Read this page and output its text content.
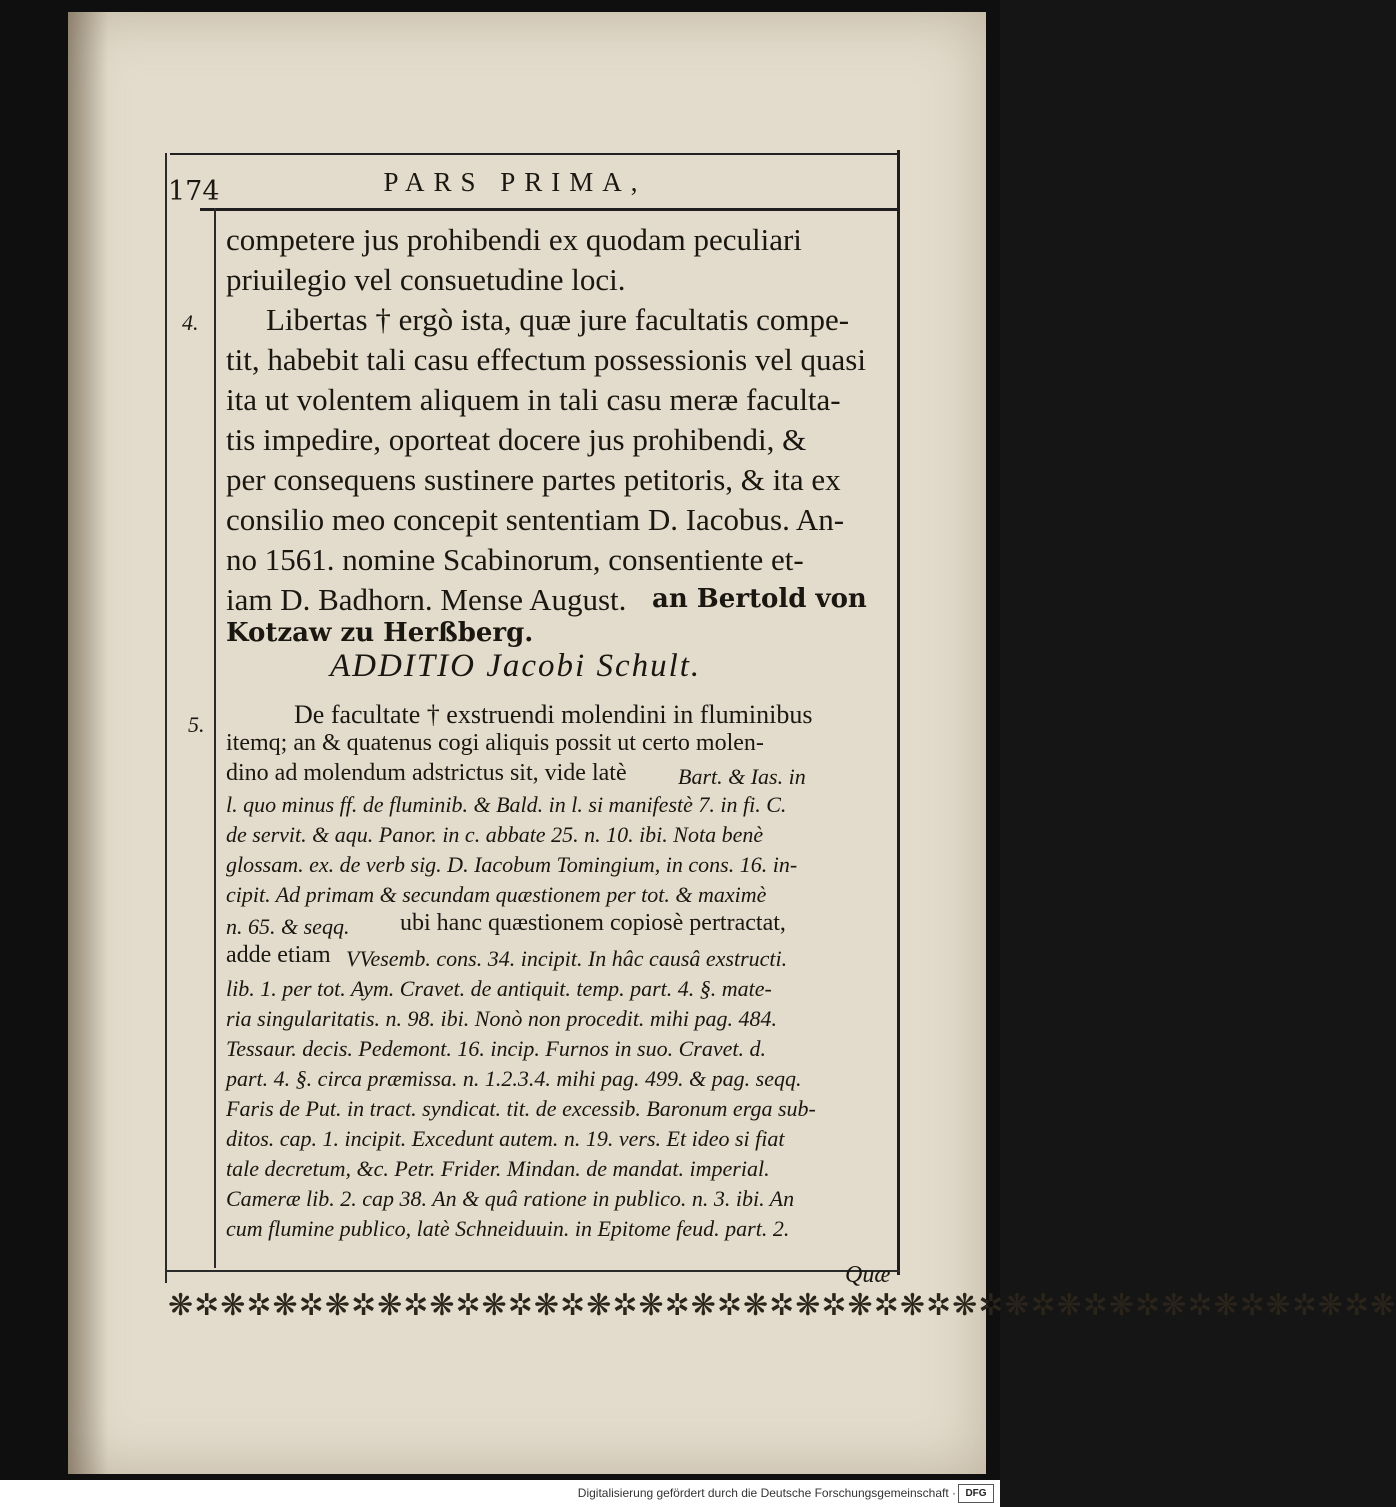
174	PARS PRIMA,
competere jus prohibendi ex quodam peculiari
priuilegio vel consuetudine loci.
Libertas † ergò ista, quæ jure facultatis compe-
tit, habebit tali casu effectum possessionis vel quasi
ita ut volentem aliquem in tali casu meræ faculta-
tis impedire, oporteat docere jus prohibendi, &
per consequens sustinere partes petitoris, & ita ex
consilio meo concepit sententiam D. Iacobus. An-
no 1561. nomine Scabinorum, consentiente et-
iam D. Badhorn. Mense August. an Bertold von
Kotzaw zu Herßberg.
4.
5.
ADDITIO Jacobi Schult.
De facultate † exstruendi molendini in fluminibus
itemq; an & quatenus cogi aliquis possit ut certo molen-
dino ad molendum adstrictus sit, vide latè Bart. & Ias. in
l. quo minus ff. de fluminib. & Bald. in l. si manifestè 7. in fi. C.
de servit. & aqu. Panor. in c. abbate 25. n. 10. ibi. Nota benè
glossam. ex. de verb sig. D. Iacobum Tomingium, in cons. 16. in-
cipit. Ad primam & secundam quæstionem per tot. & maximè
n. 65. & seqq. ubi hanc quæstionem copiosè pertractat,
adde etiam VVesemb. cons. 34. incipit. In hâc causâ exstructi.
lib. 1. per tot. Aym. Cravet. de antiquit. temp. part. 4. §. mate-
ria singularitatis. n. 98. ibi. Nonò non procedit. mihi pag. 484.
Tessaur. decis. Pedemont. 16. incip. Furnos in suo. Cravet. d.
part. 4. §. circa præmissa. n. 1.2.3.4. mihi pag. 499. & pag. seqq.
Faris de Put. in tract. syndicat. tit. de excessib. Baronum erga sub-
ditos. cap. 1. incipit. Excedunt autem. n. 19. vers. Et ideo si fiat
tale decretum, &c. Petr. Frider. Mindan. de mandat. imperial.
Cameræ lib. 2. cap 38. An & quâ ratione in publico. n. 3. ibi. An
cum flumine publico, latè Schneiduuin. in Epitome feud. part. 2.
Quæ
❋✲❋✲❋✲❋✲❋✲❋✲❋✲❋✲❋✲❋✲❋✲❋✲❋✲❋✲❋✲❋✲❋✲❋✲❋✲❋✲❋✲❋✲❋✲❋
Digitalisierung gefördert durch die Deutsche Forschungsgemeinschaft · DFG
